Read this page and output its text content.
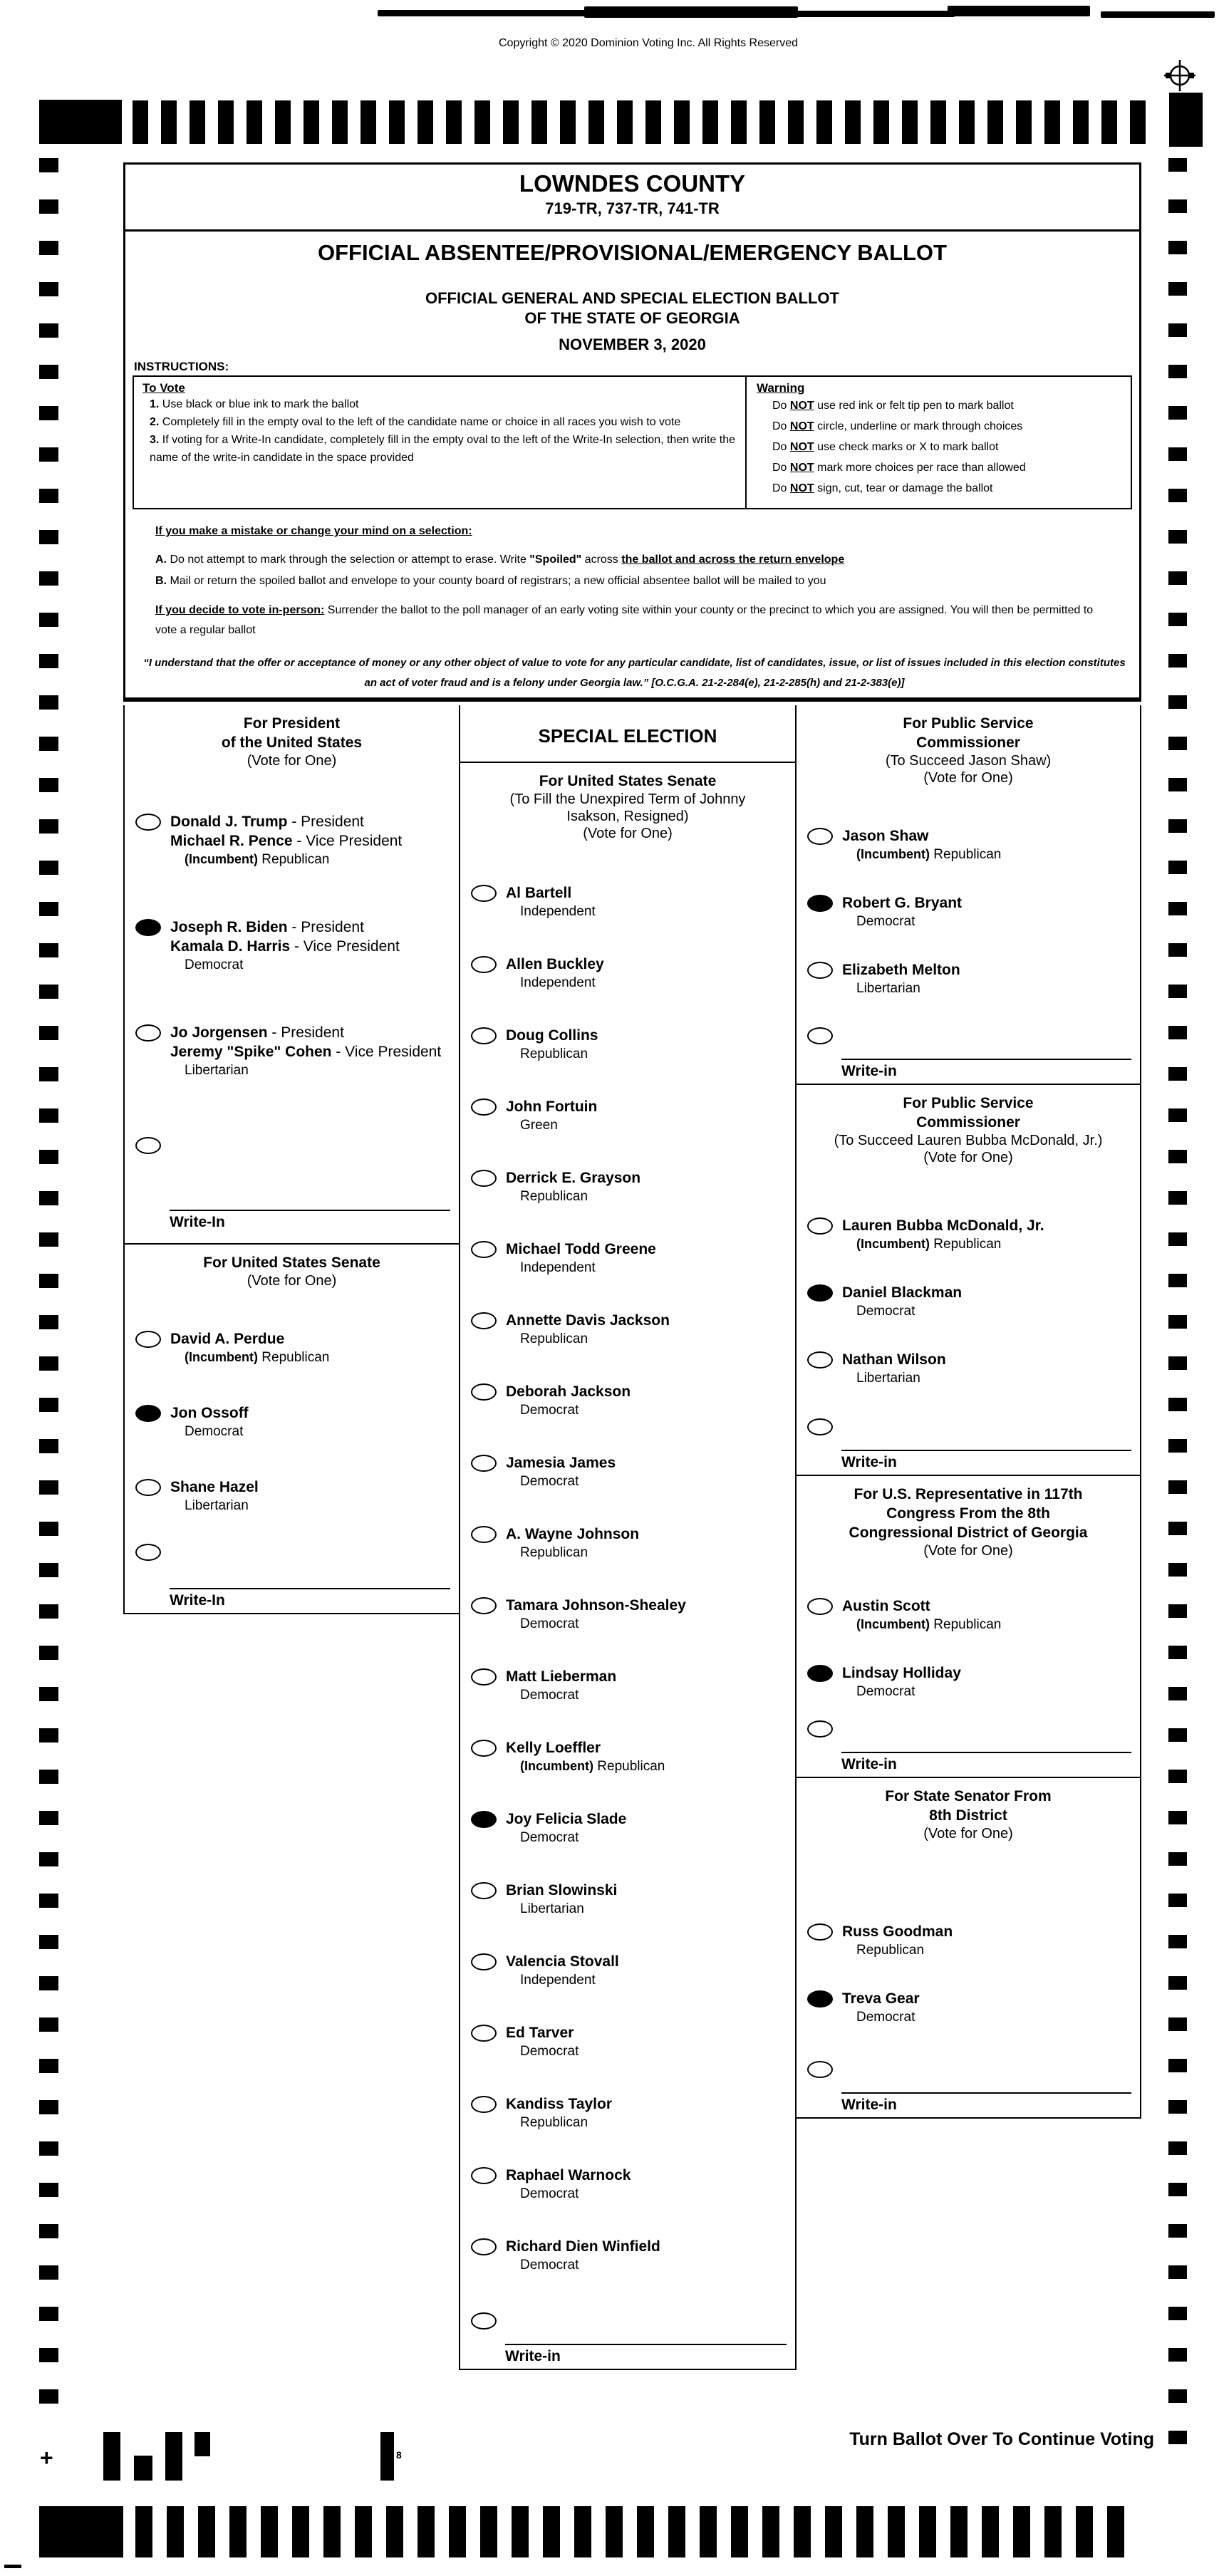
Copyright © 2020 Dominion Voting Inc. All Rights Reserved
LOWNDES COUNTY
719-TR, 737-TR, 741-TR
OFFICIAL ABSENTEE/PROVISIONAL/EMERGENCY BALLOT
OFFICIAL GENERAL AND SPECIAL ELECTION BALLOT
OF THE STATE OF GEORGIA
NOVEMBER 3, 2020
INSTRUCTIONS:
To Vote
1. Use black or blue ink to mark the ballot
2. Completely fill in the empty oval to the left of the candidate name or choice in all races you wish to vote
3. If voting for a Write-In candidate, completely fill in the empty oval to the left of the Write-In selection, then write the name of the write-in candidate in the space provided
Warning
Do NOT use red ink or felt tip pen to mark ballot
Do NOT circle, underline or mark through choices
Do NOT use check marks or X to mark ballot
Do NOT mark more choices per race than allowed
Do NOT sign, cut, tear or damage the ballot
If you make a mistake or change your mind on a selection:
A. Do not attempt to mark through the selection or attempt to erase. Write "Spoiled" across the ballot and across the return envelope
B. Mail or return the spoiled ballot and envelope to your county board of registrars; a new official absentee ballot will be mailed to you
If you decide to vote in-person: Surrender the ballot to the poll manager of an early voting site within your county or the precinct to which you are assigned. You will then be permitted to vote a regular ballot
“I understand that the offer or acceptance of money or any other object of value to vote for any particular candidate, list of candidates, issue, or list of issues included in this election constitutes an act of voter fraud and is a felony under Georgia law.” [O.C.G.A. 21-2-284(e), 21-2-285(h) and 21-2-383(e)]
For President
of the United States
(Vote for One)
Donald J. Trump - President
Michael R. Pence - Vice President
(Incumbent) Republican
Joseph R. Biden - President
Kamala D. Harris - Vice President
Democrat
Jo Jorgensen - President
Jeremy "Spike" Cohen - Vice President
Libertarian
Write-In
For United States Senate
(Vote for One)
David A. Perdue
(Incumbent) Republican
Jon Ossoff
Democrat
Shane Hazel
Libertarian
Write-In
SPECIAL ELECTION
For United States Senate
(To Fill the Unexpired Term of Johnny
Isakson, Resigned)
(Vote for One)
Al Bartell
Independent
Allen Buckley
Independent
Doug Collins
Republican
John Fortuin
Green
Derrick E. Grayson
Republican
Michael Todd Greene
Independent
Annette Davis Jackson
Republican
Deborah Jackson
Democrat
Jamesia James
Democrat
A. Wayne Johnson
Republican
Tamara Johnson-Shealey
Democrat
Matt Lieberman
Democrat
Kelly Loeffler
(Incumbent) Republican
Joy Felicia Slade
Democrat
Brian Slowinski
Libertarian
Valencia Stovall
Independent
Ed Tarver
Democrat
Kandiss Taylor
Republican
Raphael Warnock
Democrat
Richard Dien Winfield
Democrat
Write-in
For Public Service
Commissioner
(To Succeed Jason Shaw)
(Vote for One)
Jason Shaw
(Incumbent) Republican
Robert G. Bryant
Democrat
Elizabeth Melton
Libertarian
Write-in
For Public Service
Commissioner
(To Succeed Lauren Bubba McDonald, Jr.)
(Vote for One)
Lauren Bubba McDonald, Jr.
(Incumbent) Republican
Daniel Blackman
Democrat
Nathan Wilson
Libertarian
Write-in
For U.S. Representative in 117th
Congress From the 8th
Congressional District of Georgia
(Vote for One)
Austin Scott
(Incumbent) Republican
Lindsay Holliday
Democrat
Write-in
For State Senator From
8th District
(Vote for One)
Russ Goodman
Republican
Treva Gear
Democrat
Write-in
+	8
Turn Ballot Over To Continue Voting
